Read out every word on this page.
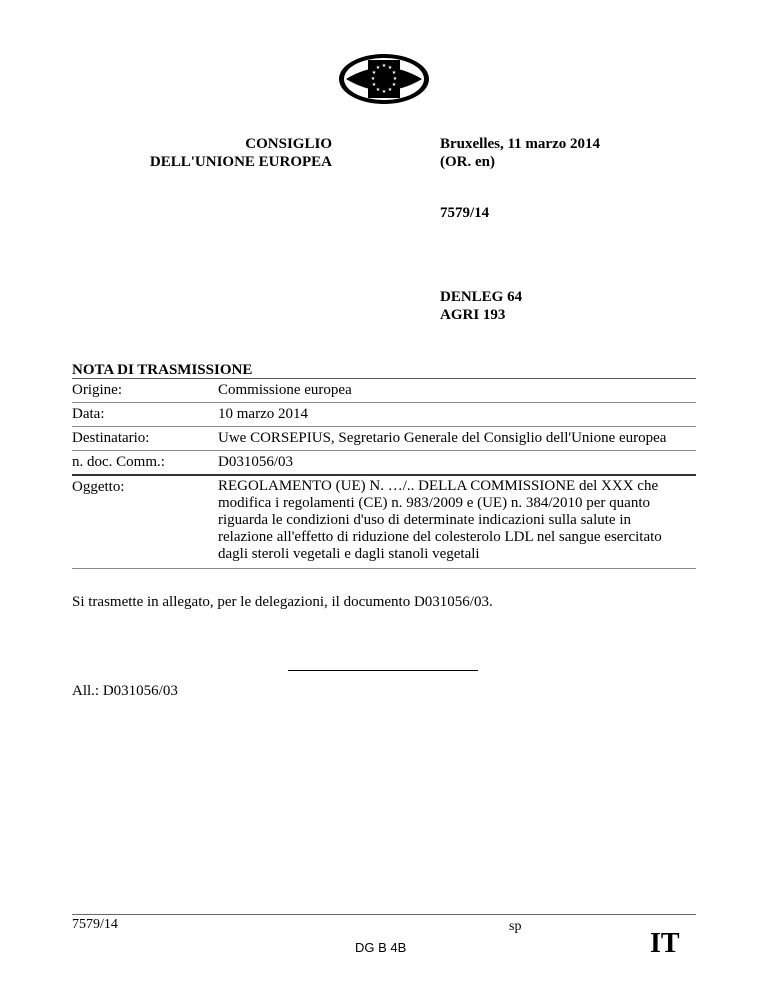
★ ★
★
★
★
★
★
★
★
★
★
★
CONSIGLIO
DELL'UNIONE EUROPEA
Bruxelles, 11 marzo 2014
(OR. en)
7579/14
DENLEG 64
AGRI 193
NOTA DI TRASMISSIONE
Origine:	Commissione europea
Data:	10 marzo 2014
Destinatario:	Uwe CORSEPIUS, Segretario Generale del Consiglio dell'Unione europea
n. doc. Comm.:	D031056/03
Oggetto:	REGOLAMENTO (UE) N. …/.. DELLA COMMISSIONE del XXX che
modifica i regolamenti (CE) n. 983/2009 e (UE) n. 384/2010 per quanto
riguarda le condizioni d'uso di determinate indicazioni sulla salute in
relazione all'effetto di riduzione del colesterolo LDL nel sangue esercitato
dagli steroli vegetali e dagli stanoli vegetali
Si trasmette in allegato, per le delegazioni, il documento D031056/03.
All.: D031056/03
7579/14	sp
DG B 4B	IT
